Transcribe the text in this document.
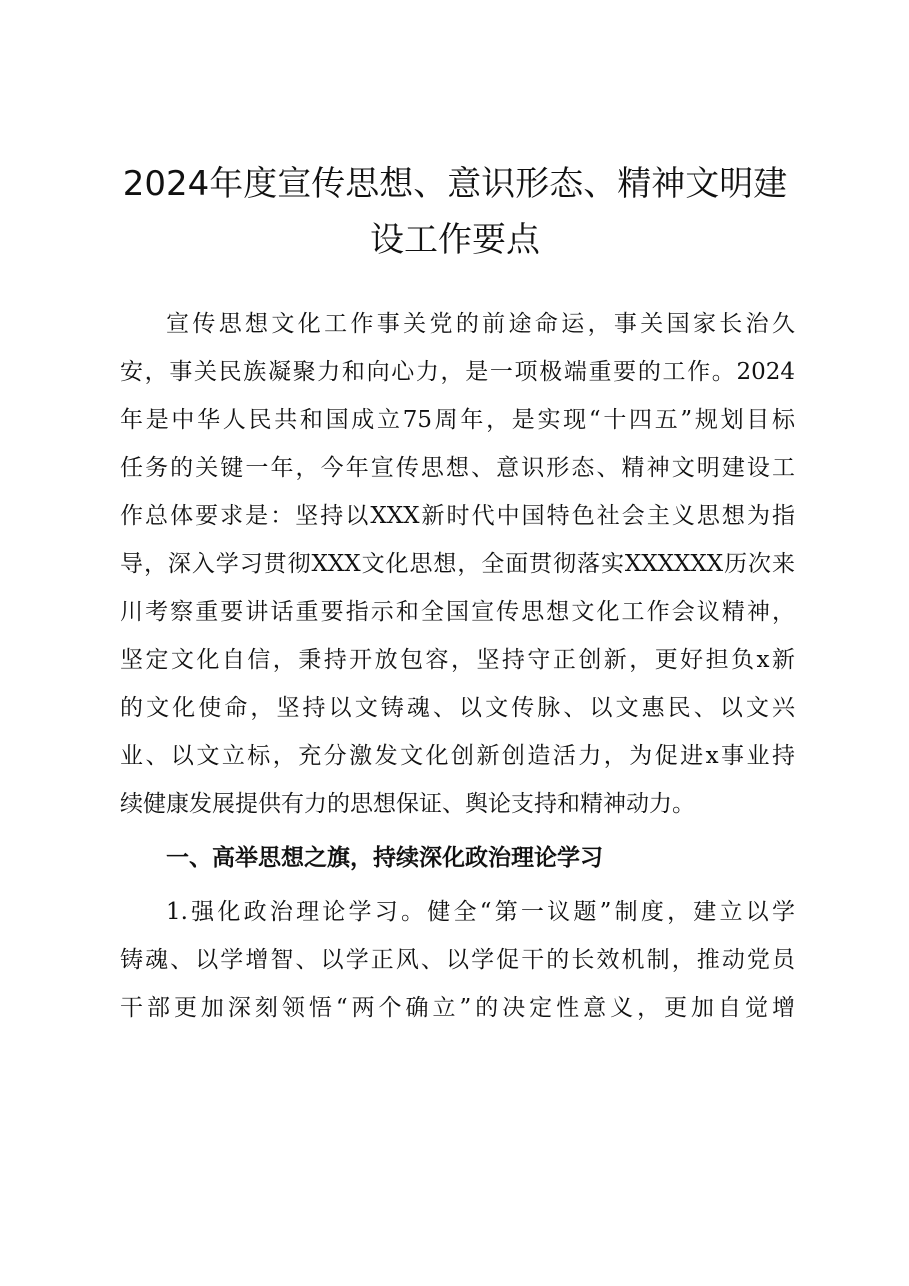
2024年度宣传思想、意识形态、精神文明建
设工作要点
宣传思想文化工作事关党的前途命运，事关国家长治久
安，事关民族凝聚力和向心力，是一项极端重要的工作。2024
年是中华人民共和国成立75周年，是实现“十四五”规划目标
任务的关键一年，今年宣传思想、意识形态、精神文明建设工
作总体要求是：坚持以XXX新时代中国特色社会主义思想为指
导，深入学习贯彻XXX文化思想，全面贯彻落实XXXXXX历次来
川考察重要讲话重要指示和全国宣传思想文化工作会议精神，
坚定文化自信，秉持开放包容，坚持守正创新，更好担负x新
的文化使命，坚持以文铸魂、以文传脉、以文惠民、以文兴
业、以文立标，充分激发文化创新创造活力，为促进x事业持
续健康发展提供有力的思想保证、舆论支持和精神动力。
一、高举思想之旗，持续深化政治理论学习
1.强化政治理论学习。健全“第一议题”制度，建立以学
铸魂、以学增智、以学正风、以学促干的长效机制，推动党员
干部更加深刻领悟“两个确立”的决定性意义，更加自觉增
